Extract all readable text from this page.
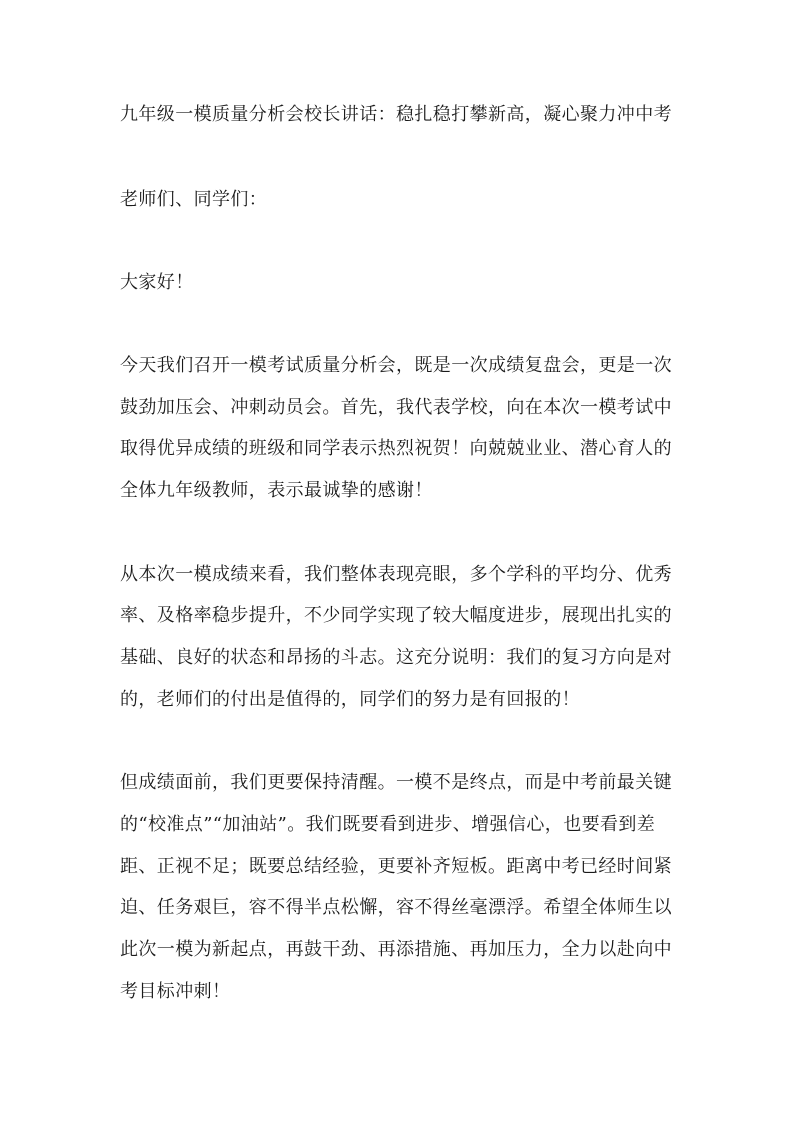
九年级一模质量分析会校长讲话：稳扎稳打攀新高，凝心聚力冲中考
老师们、同学们：
大家好！
今天我们召开一模考试质量分析会，既是一次成绩复盘会，更是一次
鼓劲加压会、冲刺动员会。首先，我代表学校，向在本次一模考试中
取得优异成绩的班级和同学表示热烈祝贺！向兢兢业业、潜心育人的
全体九年级教师，表示最诚挚的感谢！
从本次一模成绩来看，我们整体表现亮眼，多个学科的平均分、优秀
率、及格率稳步提升，不少同学实现了较大幅度进步，展现出扎实的
基础、良好的状态和昂扬的斗志。这充分说明：我们的复习方向是对
的，老师们的付出是值得的，同学们的努力是有回报的！
但成绩面前，我们更要保持清醒。一模不是终点，而是中考前最关键
的“校准点”“加油站”。我们既要看到进步、增强信心，也要看到差
距、正视不足；既要总结经验，更要补齐短板。距离中考已经时间紧
迫、任务艰巨，容不得半点松懈，容不得丝毫漂浮。希望全体师生以
此次一模为新起点，再鼓干劲、再添措施、再加压力，全力以赴向中
考目标冲刺！
